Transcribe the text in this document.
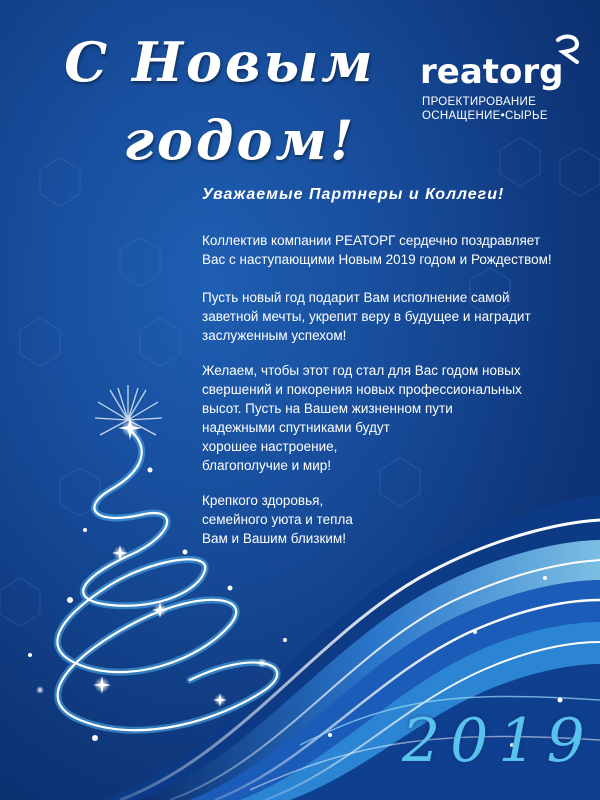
С Новым
годом!
reatorg
ПРОЕКТИРОВАНИЕ
ОСНАЩЕНИЕ•СЫРЬЕ
Уважаемые Партнеры и Коллеги!

Коллектив компании РЕАТОРГ сердечно поздравляет
Вас с наступающими Новым 2019 годом и Рождеством!

Пусть новый год подарит Вам исполнение самой
заветной мечты, укрепит веру в будущее и наградит
заслуженным успехом!

Желаем, чтобы этот год стал для Вас годом новых
свершений и покорения новых профессиональных
высот. Пусть на Вашем жизненном пути
надежными спутниками будут
хорошее настроение,
благополучие и мир!

Крепкого здоровья,
семейного уюта и тепла
Вам и Вашим близким!

2019
